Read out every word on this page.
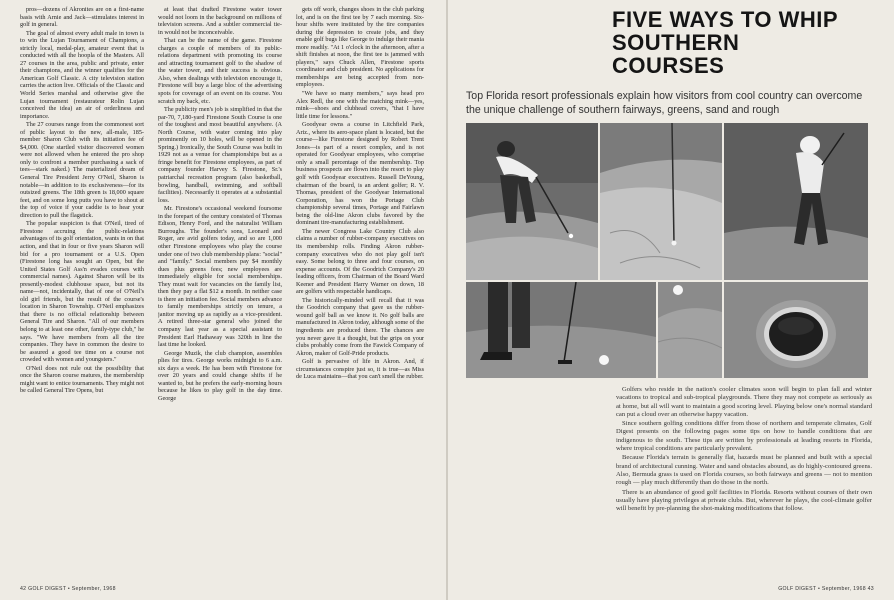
pros—dozens of Akronites are on a first-name basis with Arnie and Jack—stimulates interest in golf in general.

The goal of almost every adult male in town is to win the Lujan Tournament of Champions, a strictly local, medal-play, amateur event that is conducted with all the hoopla of the Masters. All 27 courses in the area, public and private, enter their champions, and the winner qualifies for the American Golf Classic. A city television station carries the action live. Officials of the Classic and World Series marshal and otherwise give the Lujan tournament (restaurateur Rolin Lujan conceived the idea) an air of orderliness and importance.

The 27 courses range from the commonest sort of public layout to the new, all-male, 185-member Sharon Club with its initiation fee of $4,000. (One startled visitor discovered women were not allowed when he entered the pro shop only to confront a member purchasing a sack of tees—stark naked.) The materialized dream of General Tire President Jerry O'Neil, Sharon is notable—in addition to its exclusiveness—for its outsized greens. The 18th green is 18,000 square feet, and on some long putts you have to shout at the top of voice if your caddie is to hear your direction to pull the flagstick.

The popular suspicion is that O'Neil, tired of Firestone accruing the public-relations advantages of its golf orientation, wants in on that action, and that in four or five years Sharon will bid for a pro tournament or a U.S. Open (Firestone long has sought an Open, but the United States Golf Ass'n evades courses with commercial names). Against Sharon will be its presently-modest clubhouse space, but not its name—not, incidentally, that of one of O'Neil's old girl friends, but the result of the course's location in Sharon Township. O'Neil emphasizes that there is no official relationship between General Tire and Sharon. "All of our members belong to at least one other, family-type club," he says. "We have members from all the tire companies. They have in common the desire to be assured a good tee time on a course not crowded with women and youngsters."

O'Neil does not rule out the possibility that once the Sharon course matures, the membership might want to entice tournaments. They might not be called General Tire Opens, but

at least that drafted Firestone water tower would not loom in the background on millions of television screens. And a subtler commercial tie-in would not be inconceivable.

That can be the name of the game. Firestone charges a couple of members of its public-relations department with promoting its course and attracting tournament golf to the shadow of the water tower, and their success is obvious. Also, when dealings with television encourage it, Firestone will buy a large bloc of the advertising spots for coverage of an event on its course. You scratch my back, etc.

The publicity men's job is simplified in that the par-70, 7,180-yard Firestone South Course is one of the toughest and most beautiful anywhere. (A North Course, with water coming into play prominently on 10 holes, will be opened in the Spring.) Ironically, the South Course was built in 1929 not as a venue for championships but as a fringe benefit for Firestone employees, as part of company founder Harvey S. Firestone, Sr.'s patriarchal recreation program (also basketball, bowling, handball, swimming, and softball facilities). Necessarily it operates at a substantial loss.

Mr. Firestone's occasional weekend foursome in the forepart of the century consisted of Thomas Edison, Henry Ford, and the naturalist William Burroughs. The founder's sons, Leonard and Roger, are avid golfers today, and so are 1,000 other Firestone employees who play the course under one of two club membership plans: "social" and "family." Social members pay $4 monthly dues plus greens fees; new employees are immediately eligible for social memberships. They must wait for vacancies on the family list, then they pay a flat $12 a month. In neither case is there an initiation fee. Social members advance to family memberships strictly on tenure, a janitor moving up as rapidly as a vice-president. A retired three-star general who joined the company last year as a special assistant to President Earl Hathaway was 320th in line the last time he looked.

George Muzik, the club champion, assembles plies for tires. George works midnight to 6 a.m. six days a week. He has been with Firestone for over 20 years and could change shifts if he wanted to, but he prefers the early-morning hours because he likes to play golf in the day time. George

gets off work, changes shoes in the club parking lot, and is on the first tee by 7 each morning. Six-hour shifts were instituted by the tire companies during the depression to create jobs, and they enable golf bugs like George to indulge their mania more readily. "At 1 o'clock in the afternoon, after a shift finishes at noon, the first tee is jammed with players," says Chuck Allen, Firestone sports coordinator and club president. No applications for memberships are being accepted from non-employees.

"We have so many members," says head pro Alex Redl, the one with the matching mink—yes, mink—shoes and clubhead covers, "that I have little time for lessons."

Goodyear owns a course in Litchfield Park, Ariz., where its aero-space plant is located, but the course—like Firestone designed by Robert Trent Jones—is part of a resort complex, and is not operated for Goodyear employees, who comprise only a small percentage of the membership. Top business prospects are flown into the resort to play golf with Goodyear executives. Russell DeYoung, chairman of the board, is an ardent golfer; R. V. Thomas, president of the Goodyear International Corporation, has won the Portage Club championship several times, Portage and Fairlawn being the old-line Akron clubs favored by the dominant tire-manufacturing establishment.

The newer Congress Lake Country Club also claims a number of rubber-company executives on its membership rolls. Finding Akron rubber-company executives who do not play golf isn't easy. Some belong to three and four courses, on expense accounts. Of the Goodrich Company's 20 leading officers, from Chairman of the Board Ward Keener and President Harry Warner on down, 18 are golfers with respectable handicaps.

The historically-minded will recall that it was the Goodrich company that gave us the rubber-wound golf ball as we know it. No golf balls are manufactured in Akron today, although some of the ingredients are produced there. The chances are you never gave it a thought, but the grips on your clubs probably come from the Fawick Company of Akron, maker of Golf-Pride products.

Golf is pervasive of life in Akron. And, if circumstances conspire just so, it is true—as Miss de Luca maintains—that you can't smell the rubber.

42 GOLF DIGEST • September, 1968
FIVE WAYS TO WHIP SOUTHERN COURSES

Top Florida resort professionals explain how visitors from cool country can overcome the unique challenge of southern fairways, greens, sand and rough

Golfers who reside in the nation's cooler climates soon will begin to plan fall and winter vacations to tropical and sub-tropical playgrounds. There they may not compete as seriously as at home, but all will want to maintain a good scoring level. Playing below one's normal standard can put a cloud over an otherwise happy vacation.

Since southern golfing conditions differ from those of northern and temperate climates, Golf Digest presents on the following pages some tips on how to handle conditions that are indigenous to the south. These tips are written by professionals at leading resorts in Florida, where tropical conditions are particularly prevalent.

Because Florida's terrain is generally flat, hazards must be planned and built with a special brand of architectural cunning. Water and sand obstacles abound, as do highly-contoured greens. Also, Bermuda grass is used on Florida courses, so both fairways and greens — not to mention rough — play much differently than do those in the north.

There is an abundance of good golf facilities in Florida. Resorts without courses of their own usually have playing privileges at private clubs. But, wherever he plays, the cool-climate golfer will benefit by pre-planning the shot-making modifications that follow.

GOLF DIGEST • September, 1968 43
